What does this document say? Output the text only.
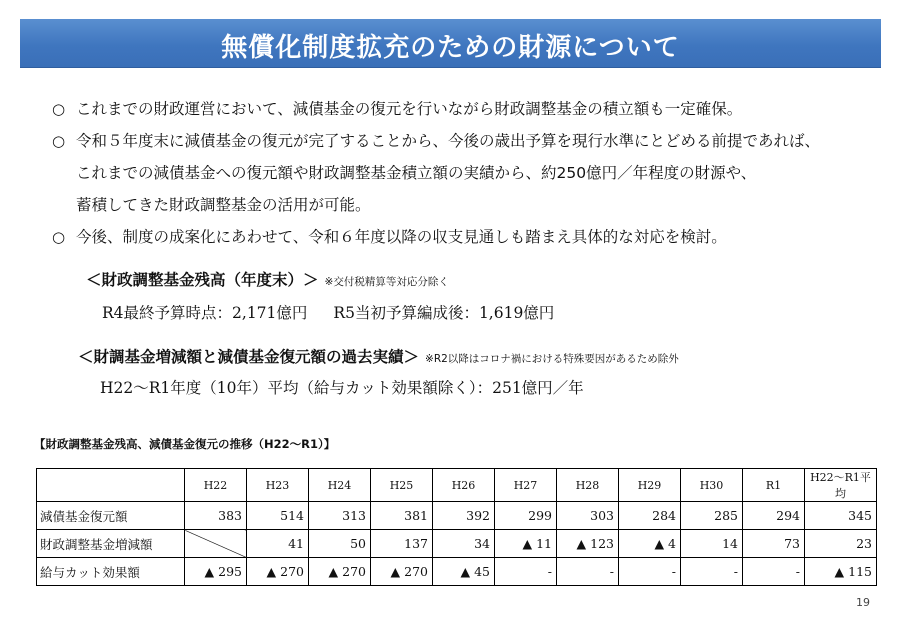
無償化制度拡充のための財源について
○ これまでの財政運営において、減債基金の復元を行いながら財政調整基金の積立額も一定確保。
○ 令和５年度末に減債基金の復元が完了することから、今後の歳出予算を現行水準にとどめる前提であれば、
これまでの減債基金への復元額や財政調整基金積立額の実績から、約250億円／年程度の財源や、
蓄積してきた財政調整基金の活用が可能。
○ 今後、制度の成案化にあわせて、令和６年度以降の収支見通しも踏まえ具体的な対応を検討。
＜財政調整基金残高（年度末）＞ ※交付税精算等対応分除く
R4最終予算時点：2,171億円 R5当初予算編成後：1,619億円
＜財調基金増減額と減債基金復元額の過去実績＞ ※R2以降はコロナ禍における特殊要因があるため除外
H22～R1年度（10年）平均（給与カット効果額除く）：251億円／年
【財政調整基金残高、減債基金復元の推移（H22～R1）】
	H22	H23	H24	H25	H26	H27	H28	H29	H30	R1	H22～R1平均
減債基金復元額	383	514	313	381	392	299	303	284	285	294	345
財政調整基金増減額		41	50	137	34	▲ 11	▲ 123	▲ 4	14	73	23
給与カット効果額	▲ 295	▲ 270	▲ 270	▲ 270	▲ 45	-	-	-	-	-	▲ 115
19
